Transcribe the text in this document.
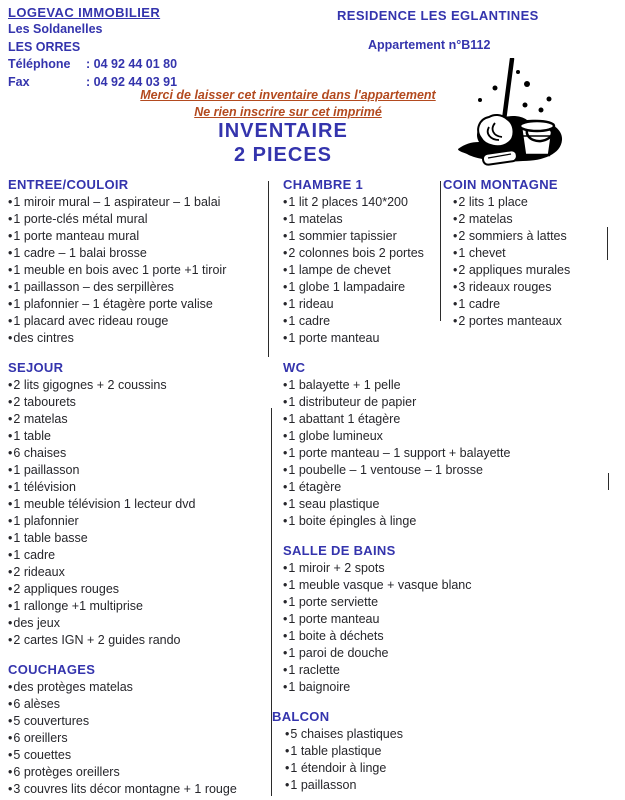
LOGEVAC IMMOBILIER
Les Soldanelles
LES ORRES
Téléphone : 04 92 44 01 80
Fax	: 04 92 44 03 91
RESIDENCE LES EGLANTINES
Appartement n°B112
Merci de laisser cet inventaire dans l'appartement
Ne rien inscrire sur cet imprimé
INVENTAIRE
2 PIECES
ENTREE/COULOIR
•1 miroir mural – 1 aspirateur – 1 balai
•1 porte-clés métal mural
•1 porte manteau mural
•1 cadre – 1 balai brosse
•1 meuble en bois avec 1 porte +1 tiroir
•1 paillasson – des serpillères
•1 plafonnier – 1 étagère porte valise
•1 placard avec rideau rouge
•des cintres
SEJOUR
•2 lits gigognes + 2 coussins
•2 tabourets
•2 matelas
•1 table
•6 chaises
•1 paillasson
•1 télévision
•1 meuble télévision 1 lecteur dvd
•1 plafonnier
•1 table basse
•1 cadre
•2 rideaux
•2 appliques rouges
•1 rallonge +1 multiprise
•des jeux
•2 cartes IGN + 2 guides rando
COUCHAGES
•des protèges matelas
•6 alèses
•5 couvertures
•6 oreillers
•5 couettes
•6 protèges oreillers
•3 couvres lits décor montagne + 1 rouge
CHAMBRE 1
•1 lit 2 places 140*200
•1 matelas
•1 sommier tapissier
•2 colonnes bois 2 portes
•1 lampe de chevet
•1 globe 1 lampadaire
•1 rideau
•1 cadre
•1 porte manteau
WC
•1 balayette + 1 pelle
•1 distributeur de papier
•1 abattant 1 étagère
•1 globe lumineux
•1 porte manteau – 1 support + balayette
•1 poubelle – 1 ventouse – 1 brosse
•1 étagère
•1 seau plastique
•1 boite épingles à linge
SALLE DE BAINS
•1 miroir + 2 spots
•1 meuble vasque + vasque blanc
•1 porte serviette
•1 porte manteau
•1 boite à déchets
•1 paroi de douche
•1 raclette
•1 baignoire
BALCON
•5 chaises plastiques
•1 table plastique
•1 étendoir à linge
•1 paillasson
COIN MONTAGNE
•2 lits 1 place
•2 matelas
•2 sommiers à lattes
•1 chevet
•2 appliques murales
•3 rideaux rouges
•1 cadre
•2 portes manteaux
